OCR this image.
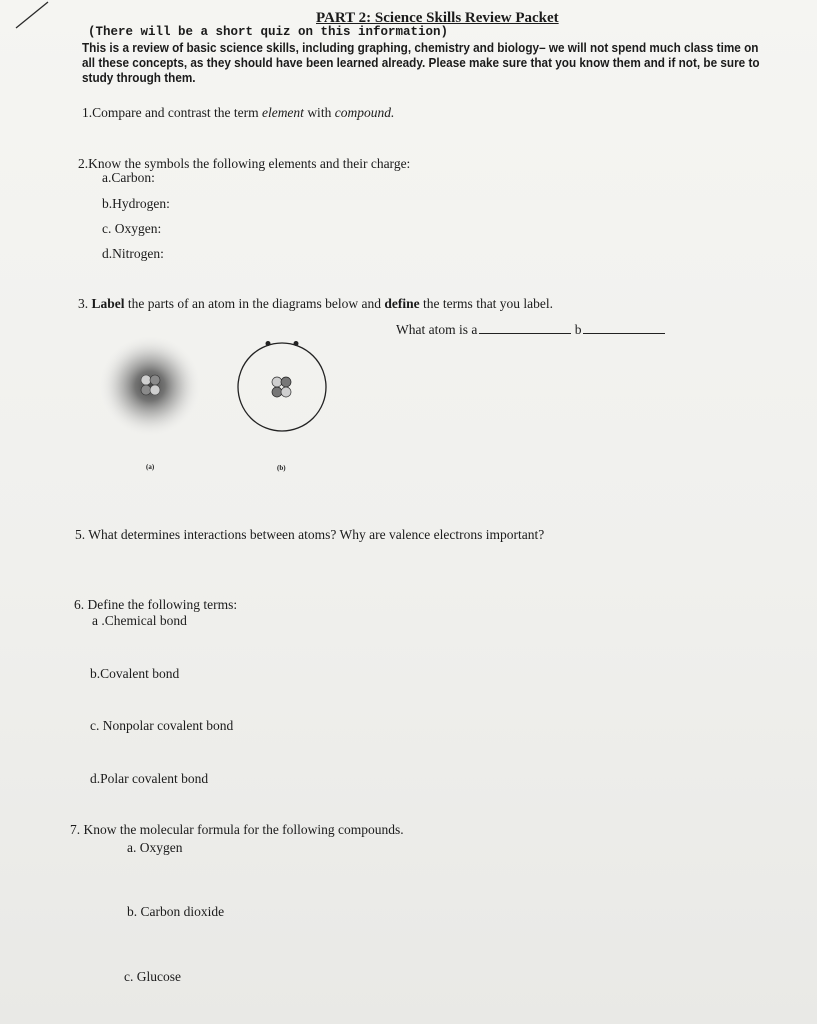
PART 2: Science Skills Review Packet
(There will be a short quiz on this information)
This is a review of basic science skills, including graphing, chemistry and biology– we will not spend much class time on
all these concepts, as they should have been learned already. Please make sure that you know them and if not, be sure to
study through them.
1.Compare and contrast the term element with compound.
2.Know the symbols the following elements and their charge:
a.Carbon:
b.Hydrogen:
c. Oxygen:
d.Nitrogen:
3. Label the parts of an atom in the diagrams below and define the terms that you label.
What atom is a	b
(a)	(b)
5. What determines interactions between atoms? Why are valence electrons important?
6. Define the following terms:
a .Chemical bond
b.Covalent bond
c. Nonpolar covalent bond
d.Polar covalent bond
7. Know the molecular formula for the following compounds.
a. Oxygen
b. Carbon dioxide
c. Glucose
